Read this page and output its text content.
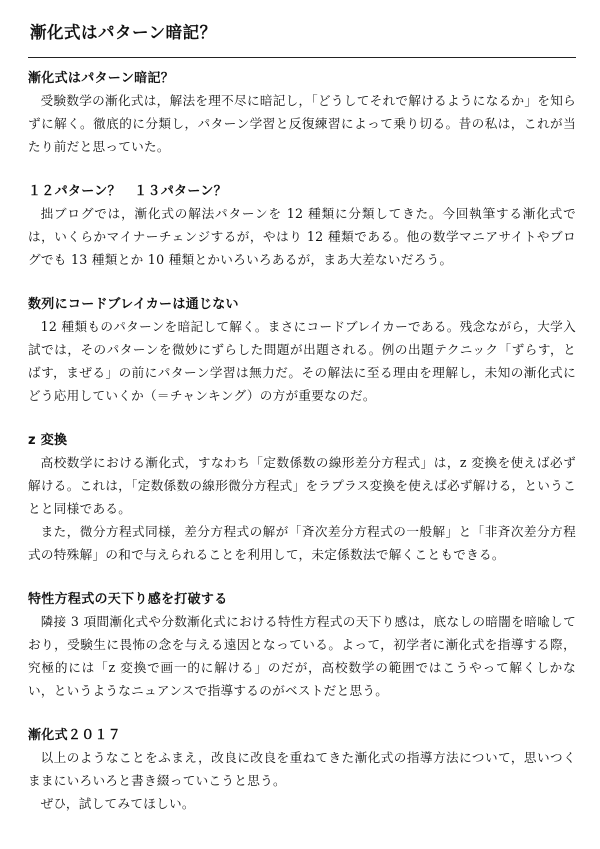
漸化式はパターン暗記？
漸化式はパターン暗記？

受験数学の漸化式は，解法を理不尽に暗記し，「どうしてそれで解けるようになるか」を知らずに解く。徹底的に分類し，パターン学習と反復練習によって乗り切る。昔の私は，これが当たり前だと思っていた。

１２パターン？　１３パターン？

拙ブログでは，漸化式の解法パターンを 12 種類に分類してきた。今回執筆する漸化式では，いくらかマイナーチェンジするが，やはり 12 種類である。他の数学マニアサイトやブログでも 13 種類とか 10 種類とかいろいろあるが，まあ大差ないだろう。

数列にコードブレイカーは通じない

12 種類ものパターンを暗記して解く。まさにコードブレイカーである。残念ながら，大学入試では，そのパターンを微妙にずらした問題が出題される。例の出題テクニック「ずらす，とばす，まぜる」の前にパターン学習は無力だ。その解法に至る理由を理解し，未知の漸化式にどう応用していくか（＝チャンキング）の方が重要なのだ。

z 変換

高校数学における漸化式，すなわち「定数係数の線形差分方程式」は，z 変換を使えば必ず解ける。これは，「定数係数の線形微分方程式」をラプラス変換を使えば必ず解ける，ということと同様である。

また，微分方程式同様，差分方程式の解が「斉次差分方程式の一般解」と「非斉次差分方程式の特殊解」の和で与えられることを利用して，未定係数法で解くこともできる。

特性方程式の天下り感を打破する

隣接 3 項間漸化式や分数漸化式における特性方程式の天下り感は，底なしの暗闇を暗喩しており，受験生に畏怖の念を与える遠因となっている。よって，初学者に漸化式を指導する際，究極的には「z 変換で画一的に解ける」のだが，高校数学の範囲ではこうやって解くしかない，というようなニュアンスで指導するのがベストだと思う。

漸化式２０１７

以上のようなことをふまえ，改良に改良を重ねてきた漸化式の指導方法について，思いつくままにいろいろと書き綴っていこうと思う。

ぜひ，試してみてほしい。
